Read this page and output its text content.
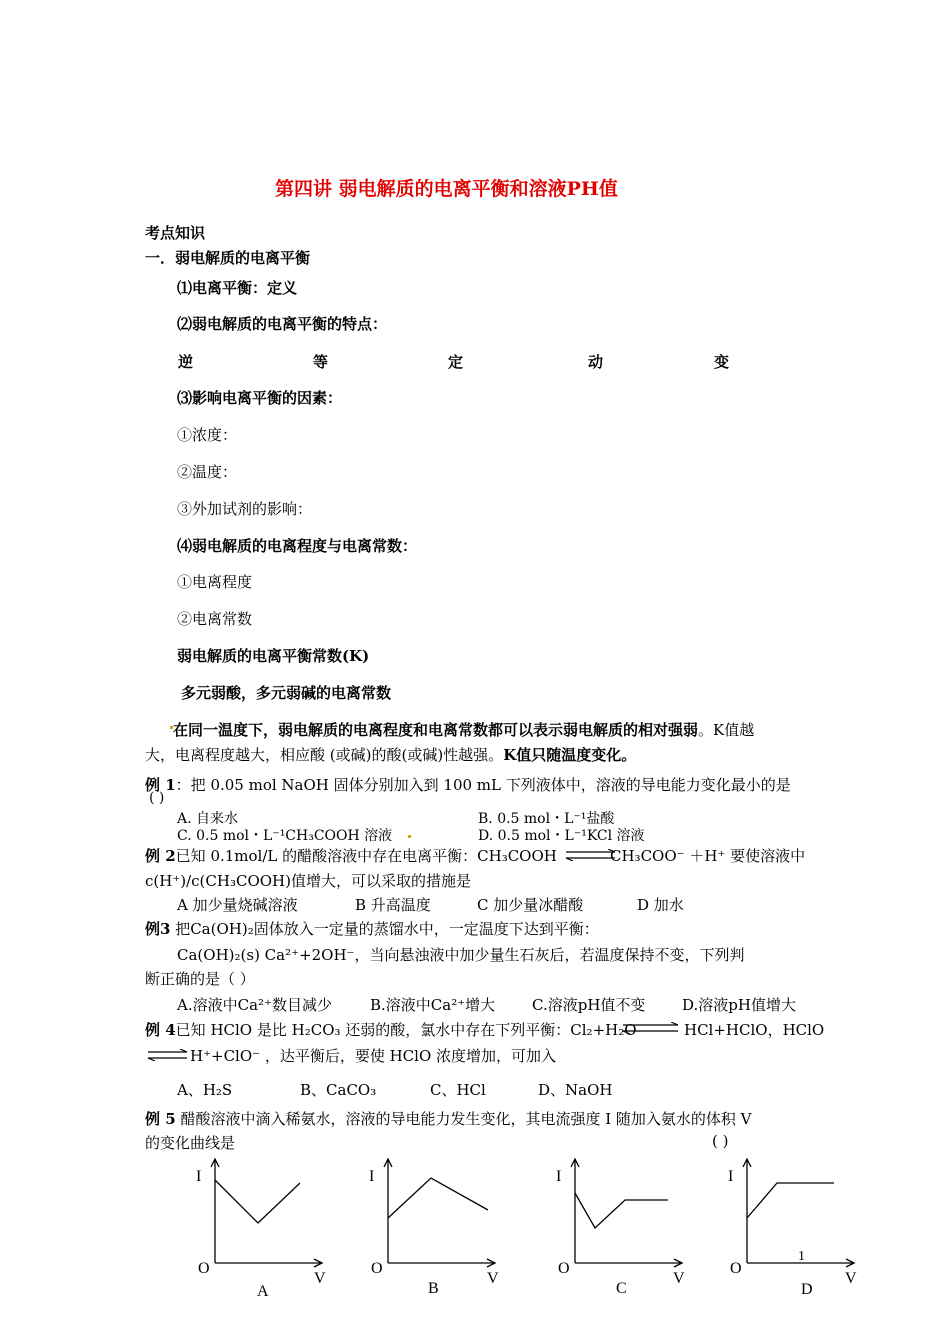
第四讲 弱电解质的电离平衡和溶液PH值
考点知识
一．弱电解质的电离平衡
⑴电离平衡：定义
⑵弱电解质的电离平衡的特点：
逆	等	定	动	变
⑶影响电离平衡的因素：
①浓度：
②温度：
③外加试剂的影响：
⑷弱电解质的电离程度与电离常数：
①电离程度
②电离常数
弱电解质的电离平衡常数(K)
多元弱酸，多元弱碱的电离常数
在同一温度下，弱电解质的电离程度和电离常数都可以表示弱电解质的相对强弱。K值越
大，电离程度越大，相应酸 (或碱)的酸(或碱)性越强。K值只随温度变化。
例 1：把 0.05 mol NaOH 固体分别加入到 100 mL 下列液体中，溶液的导电能力变化最小的是
( )
A. 自来水	B. 0.5 mol・L⁻¹盐酸
C. 0.5 mol・L⁻¹CH₃COOH 溶液	D. 0.5 mol・L⁻¹KCl 溶液
例 2已知 0.1mol/L 的醋酸溶液中存在电离平衡：CH₃COOH ⇌
CH₃COO⁻ ＋H⁺ 要使溶液中
c(H⁺)/c(CH₃COOH)值增大，可以采取的措施是
A 加少量烧碱溶液	B 升高温度	C 加少量冰醋酸	D 加水
例3 把Ca(OH)₂固体放入一定量的蒸馏水中，一定温度下达到平衡：
Ca(OH)₂(s) Ca²⁺+2OH⁻，当向悬浊液中加少量生石灰后，若温度保持不变，下列判
断正确的是（ ）
A.溶液中Ca²⁺数目减少	B.溶液中Ca²⁺增大 C.溶液pH值不变 D.溶液pH值增大
例 4已知 HClO 是比 H₂CO₃ 还弱的酸，氯水中存在下列平衡：Cl₂+H₂O ⇌ HCl+HClO，HClO
⇌ H⁺+ClO⁻ ，达平衡后，要使 HClO 浓度增加，可加入
A、H₂S	B、CaCO₃	C、HCl	D、NaOH
例 5 醋酸溶液中滴入稀氨水，溶液的导电能力发生变化，其电流强度 I 随加入氨水的体积 V
的变化曲线是	( )
I
O
V
A
I
O
V
B
I
O
V
C
I
O
V
D
1
